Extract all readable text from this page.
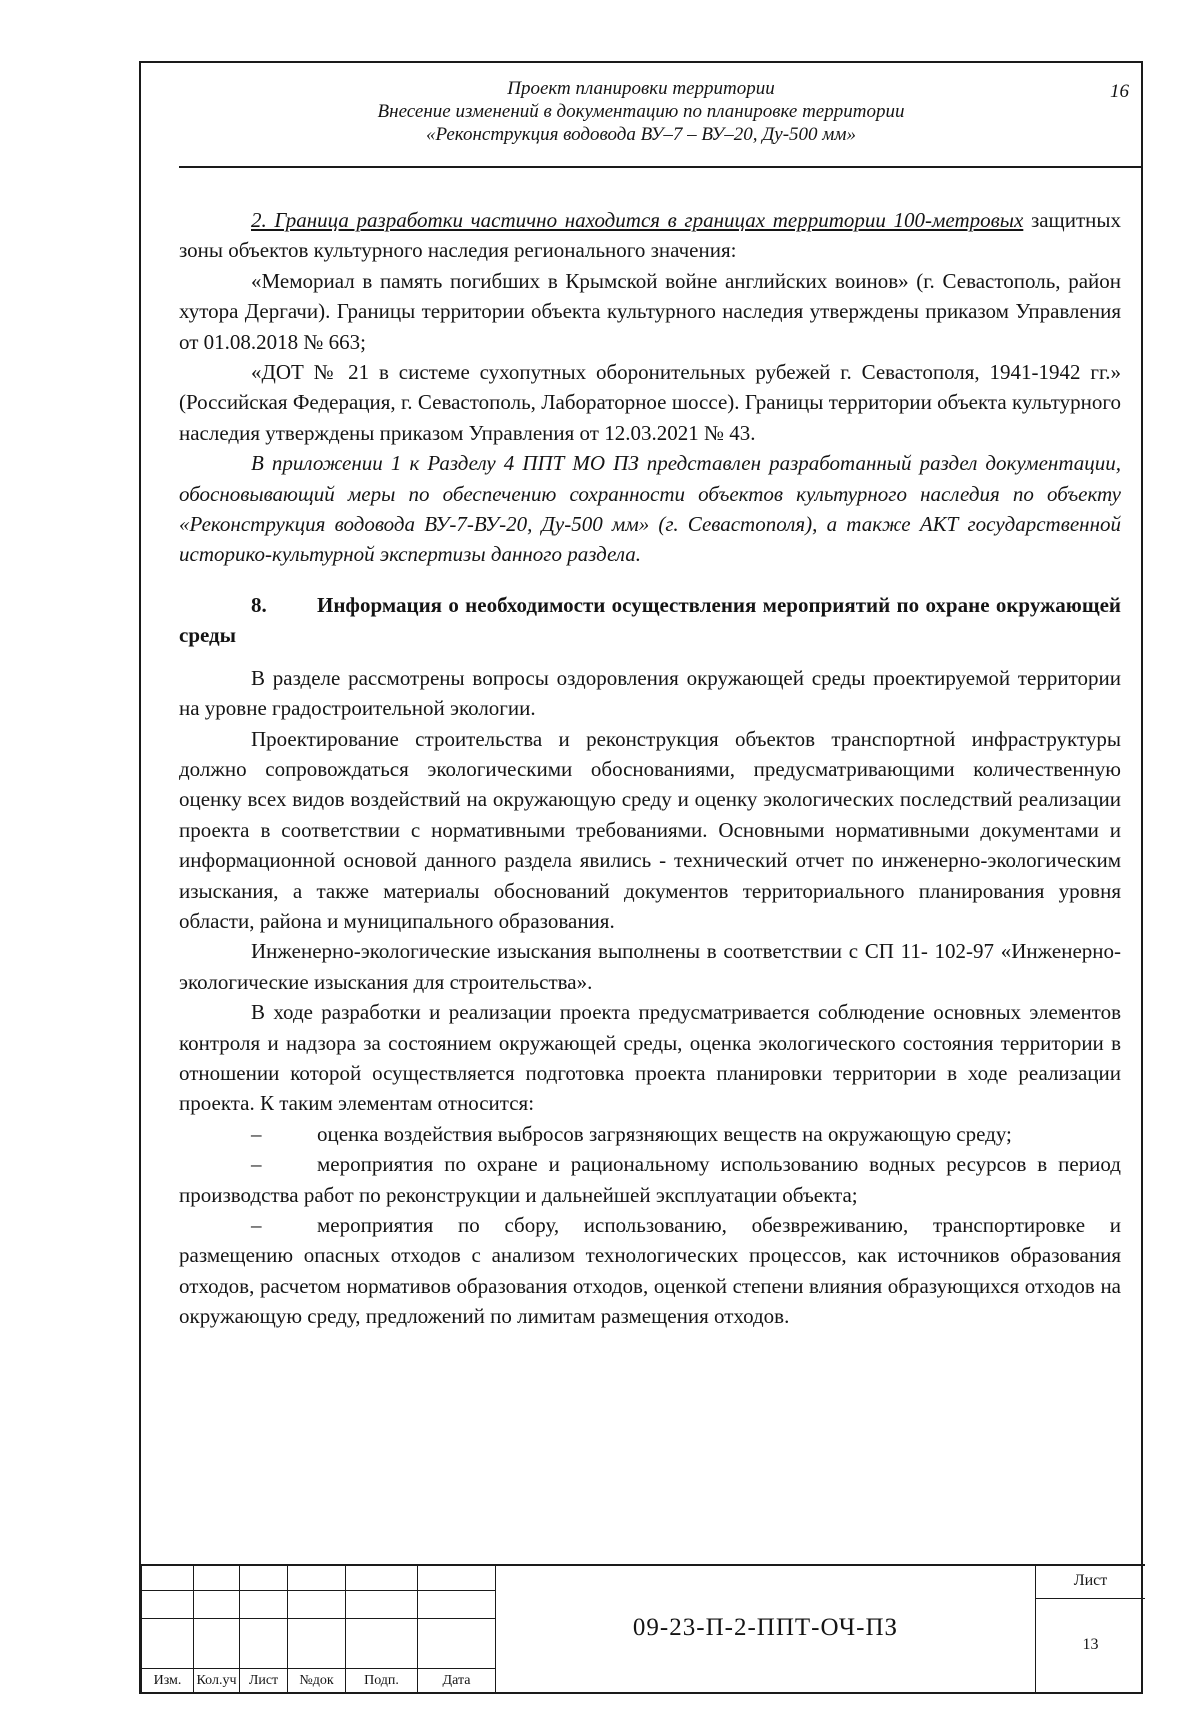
Проект планировки территории
Внесение изменений в документацию по планировке территории
«Реконструкция водовода ВУ–7 – ВУ–20, Ду-500 мм»
16

2. Граница разработки частично находится в границах территории 100-метровых защитных зоны объектов культурного наследия регионального значения:

«Мемориал в память погибших в Крымской войне английских воинов» (г. Севастополь, район хутора Дергачи). Границы территории объекта культурного наследия утверждены приказом Управления от 01.08.2018 № 663;

«ДОТ № 21 в системе сухопутных оборонительных рубежей г. Севастополя, 1941-1942 гг.» (Российская Федерация, г. Севастополь, Лабораторное шоссе). Границы территории объекта культурного наследия утверждены приказом Управления от 12.03.2021 № 43.

В приложении 1 к Разделу 4 ППТ МО ПЗ представлен разработанный раздел документации, обосновывающий меры по обеспечению сохранности объектов культурного наследия по объекту «Реконструкция водовода ВУ-7-ВУ-20, Ду-500 мм» (г. Севастополя), а также АКТ государственной историко-культурной экспертизы данного раздела.

8. Информация о необходимости осуществления мероприятий по охране окружающей среды

В разделе рассмотрены вопросы оздоровления окружающей среды проектируемой территории на уровне градостроительной экологии.

Проектирование строительства и реконструкция объектов транспортной инфраструктуры должно сопровождаться экологическими обоснованиями, предусматривающими количественную оценку всех видов воздействий на окружающую среду и оценку экологических последствий реализации проекта в соответствии с нормативными требованиями. Основными нормативными документами и информационной основой данного раздела явились - технический отчет по инженерно-экологическим изыскания, а также материалы обоснований документов территориального планирования уровня области, района и муниципального образования.

Инженерно-экологические изыскания выполнены в соответствии с СП 11- 102-97 «Инженерно-экологические изыскания для строительства».

В ходе разработки и реализации проекта предусматривается соблюдение основных элементов контроля и надзора за состоянием окружающей среды, оценка экологического состояния территории в отношении которой осуществляется подготовка проекта планировки территории в ходе реализации проекта. К таким элементам относится:

–	оценка воздействия выбросов загрязняющих веществ на окружающую среду;

–	мероприятия по охране и рациональному использованию водных ресурсов в период производства работ по реконструкции и дальнейшей эксплуатации объекта;

–	мероприятия по сбору, использованию, обезвреживанию, транспортировке и размещению опасных отходов с анализом технологических процессов, как источников образования отходов, расчетом нормативов образования отходов, оценкой степени влияния образующихся отходов на окружающую среду, предложений по лимитам размещения отходов.

Изм.	Кол.уч	Лист	№док	Подп.	Дата
09-23-П-2-ППТ-ОЧ-ПЗ
Лист
13
